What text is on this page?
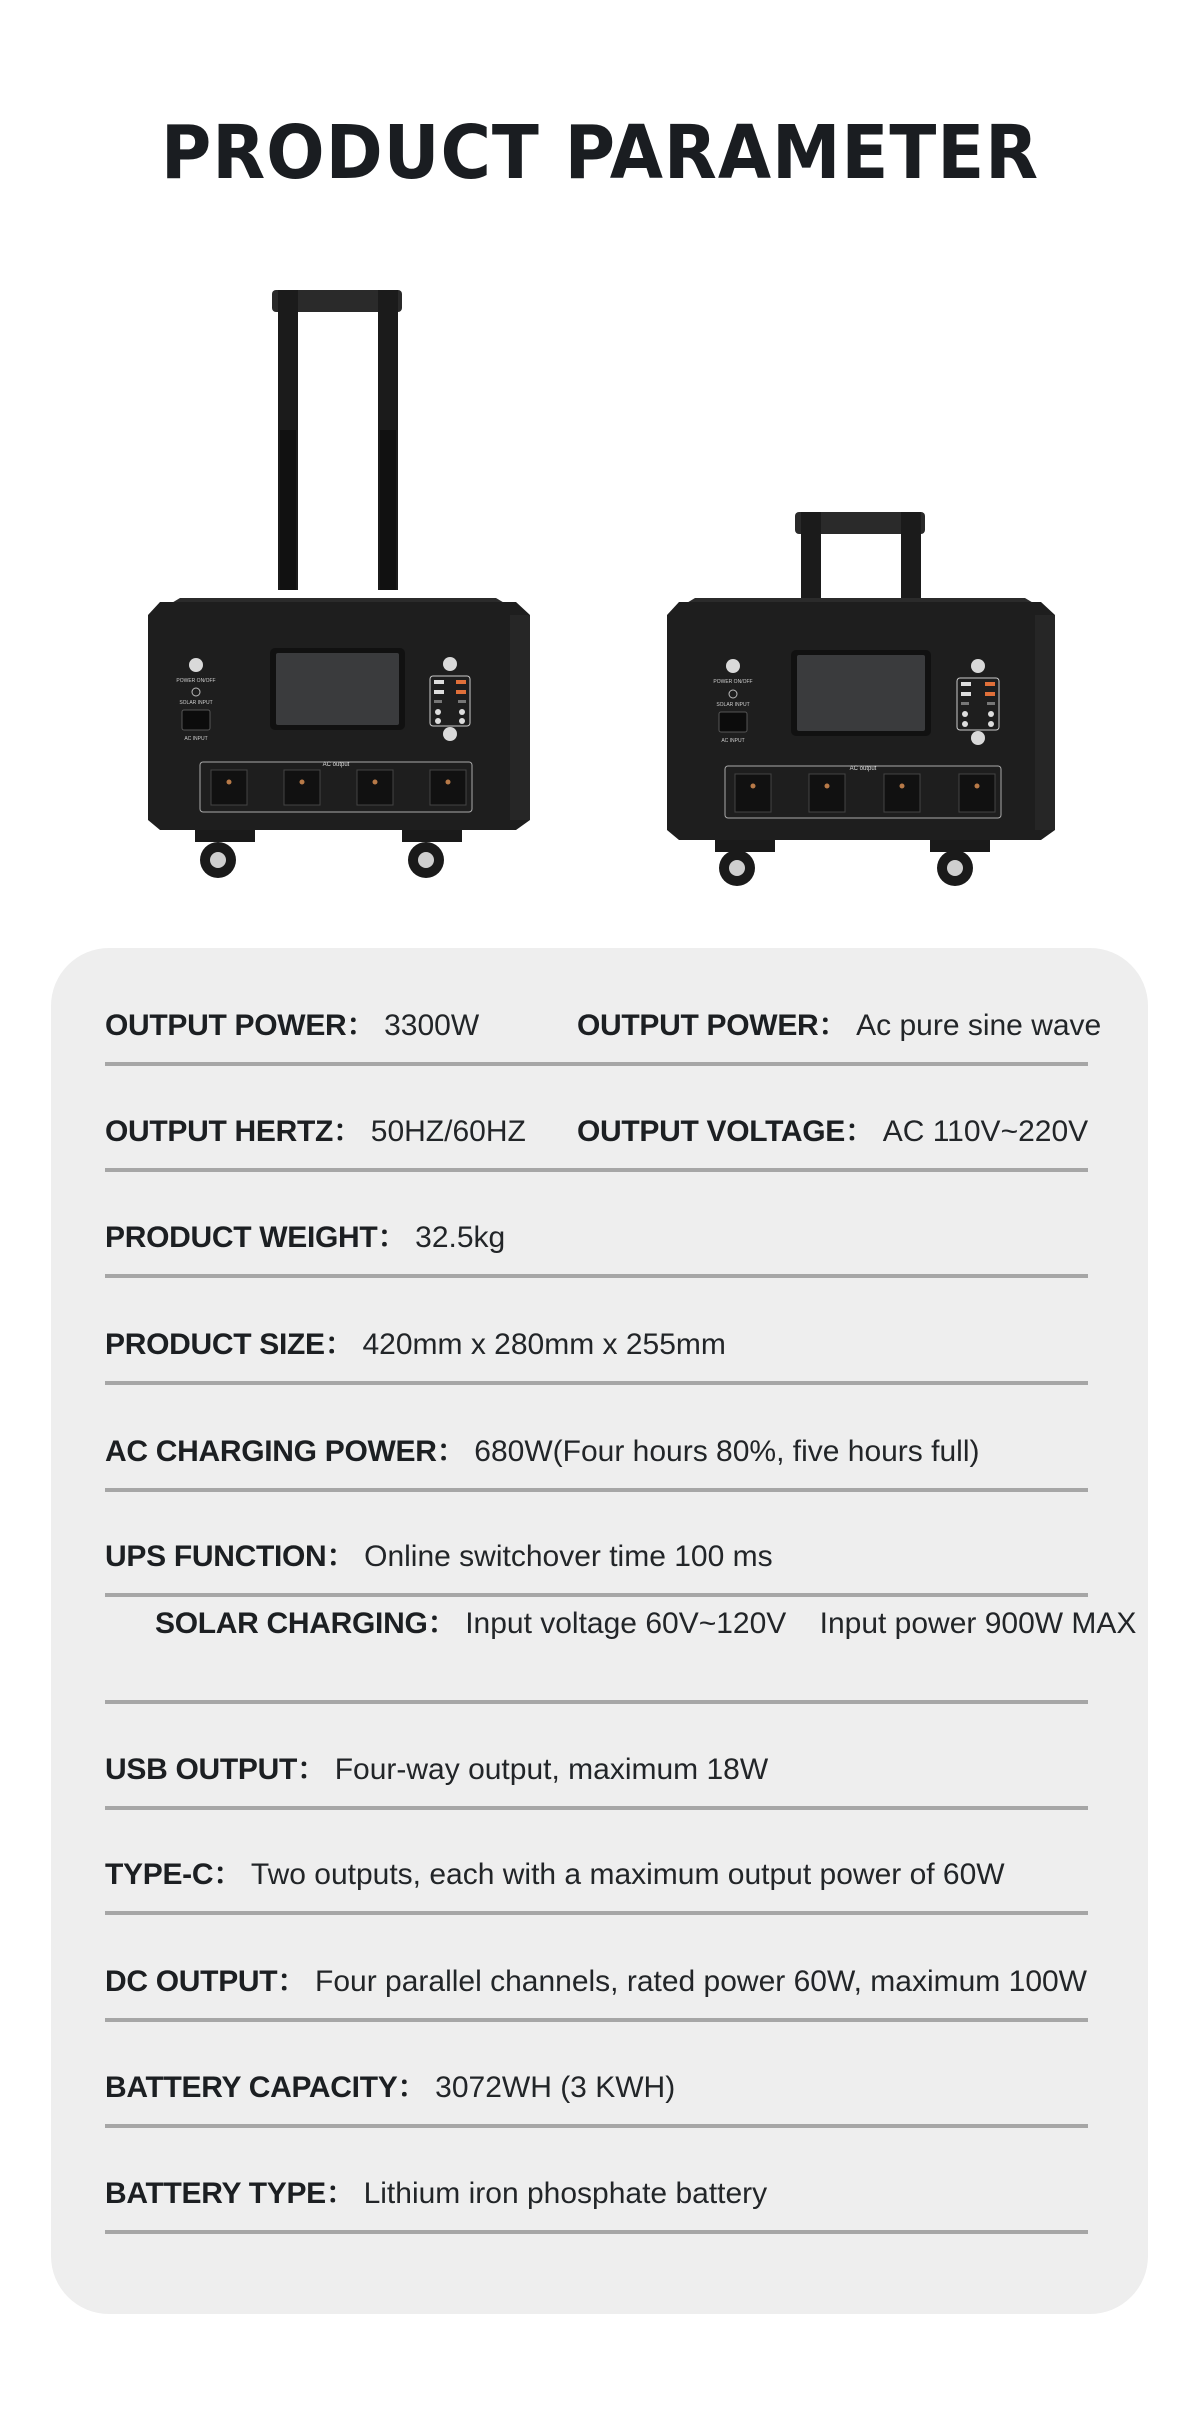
PRODUCT PARAMETER
POWER ON/OFF
SOLAR INPUT
AC INPUT
AC output
POWER ON/OFF
SOLAR INPUT
AC INPUT
AC output
OUTPUT POWER： 3300W	OUTPUT POWER： Ac pure sine wave
OUTPUT HERTZ： 50HZ/60HZ OUTPUT VOLTAGE： AC 110V~220V
PRODUCT WEIGHT： 32.5kg
PRODUCT SIZE： 420mm x 280mm x 255mm
AC CHARGING POWER： 680W(Four hours 80%, five hours full)
UPS FUNCTION： Online switchover time 100 ms

SOLAR CHARGING： Input voltage 60V~120V    Input power 900W MAX

USB OUTPUT： Four-way output, maximum 18W
TYPE-C： Two outputs, each with a maximum output power of 60W
DC OUTPUT： Four parallel channels, rated power 60W, maximum 100W
BATTERY CAPACITY： 3072WH (3 KWH)
BATTERY TYPE： Lithium iron phosphate battery
